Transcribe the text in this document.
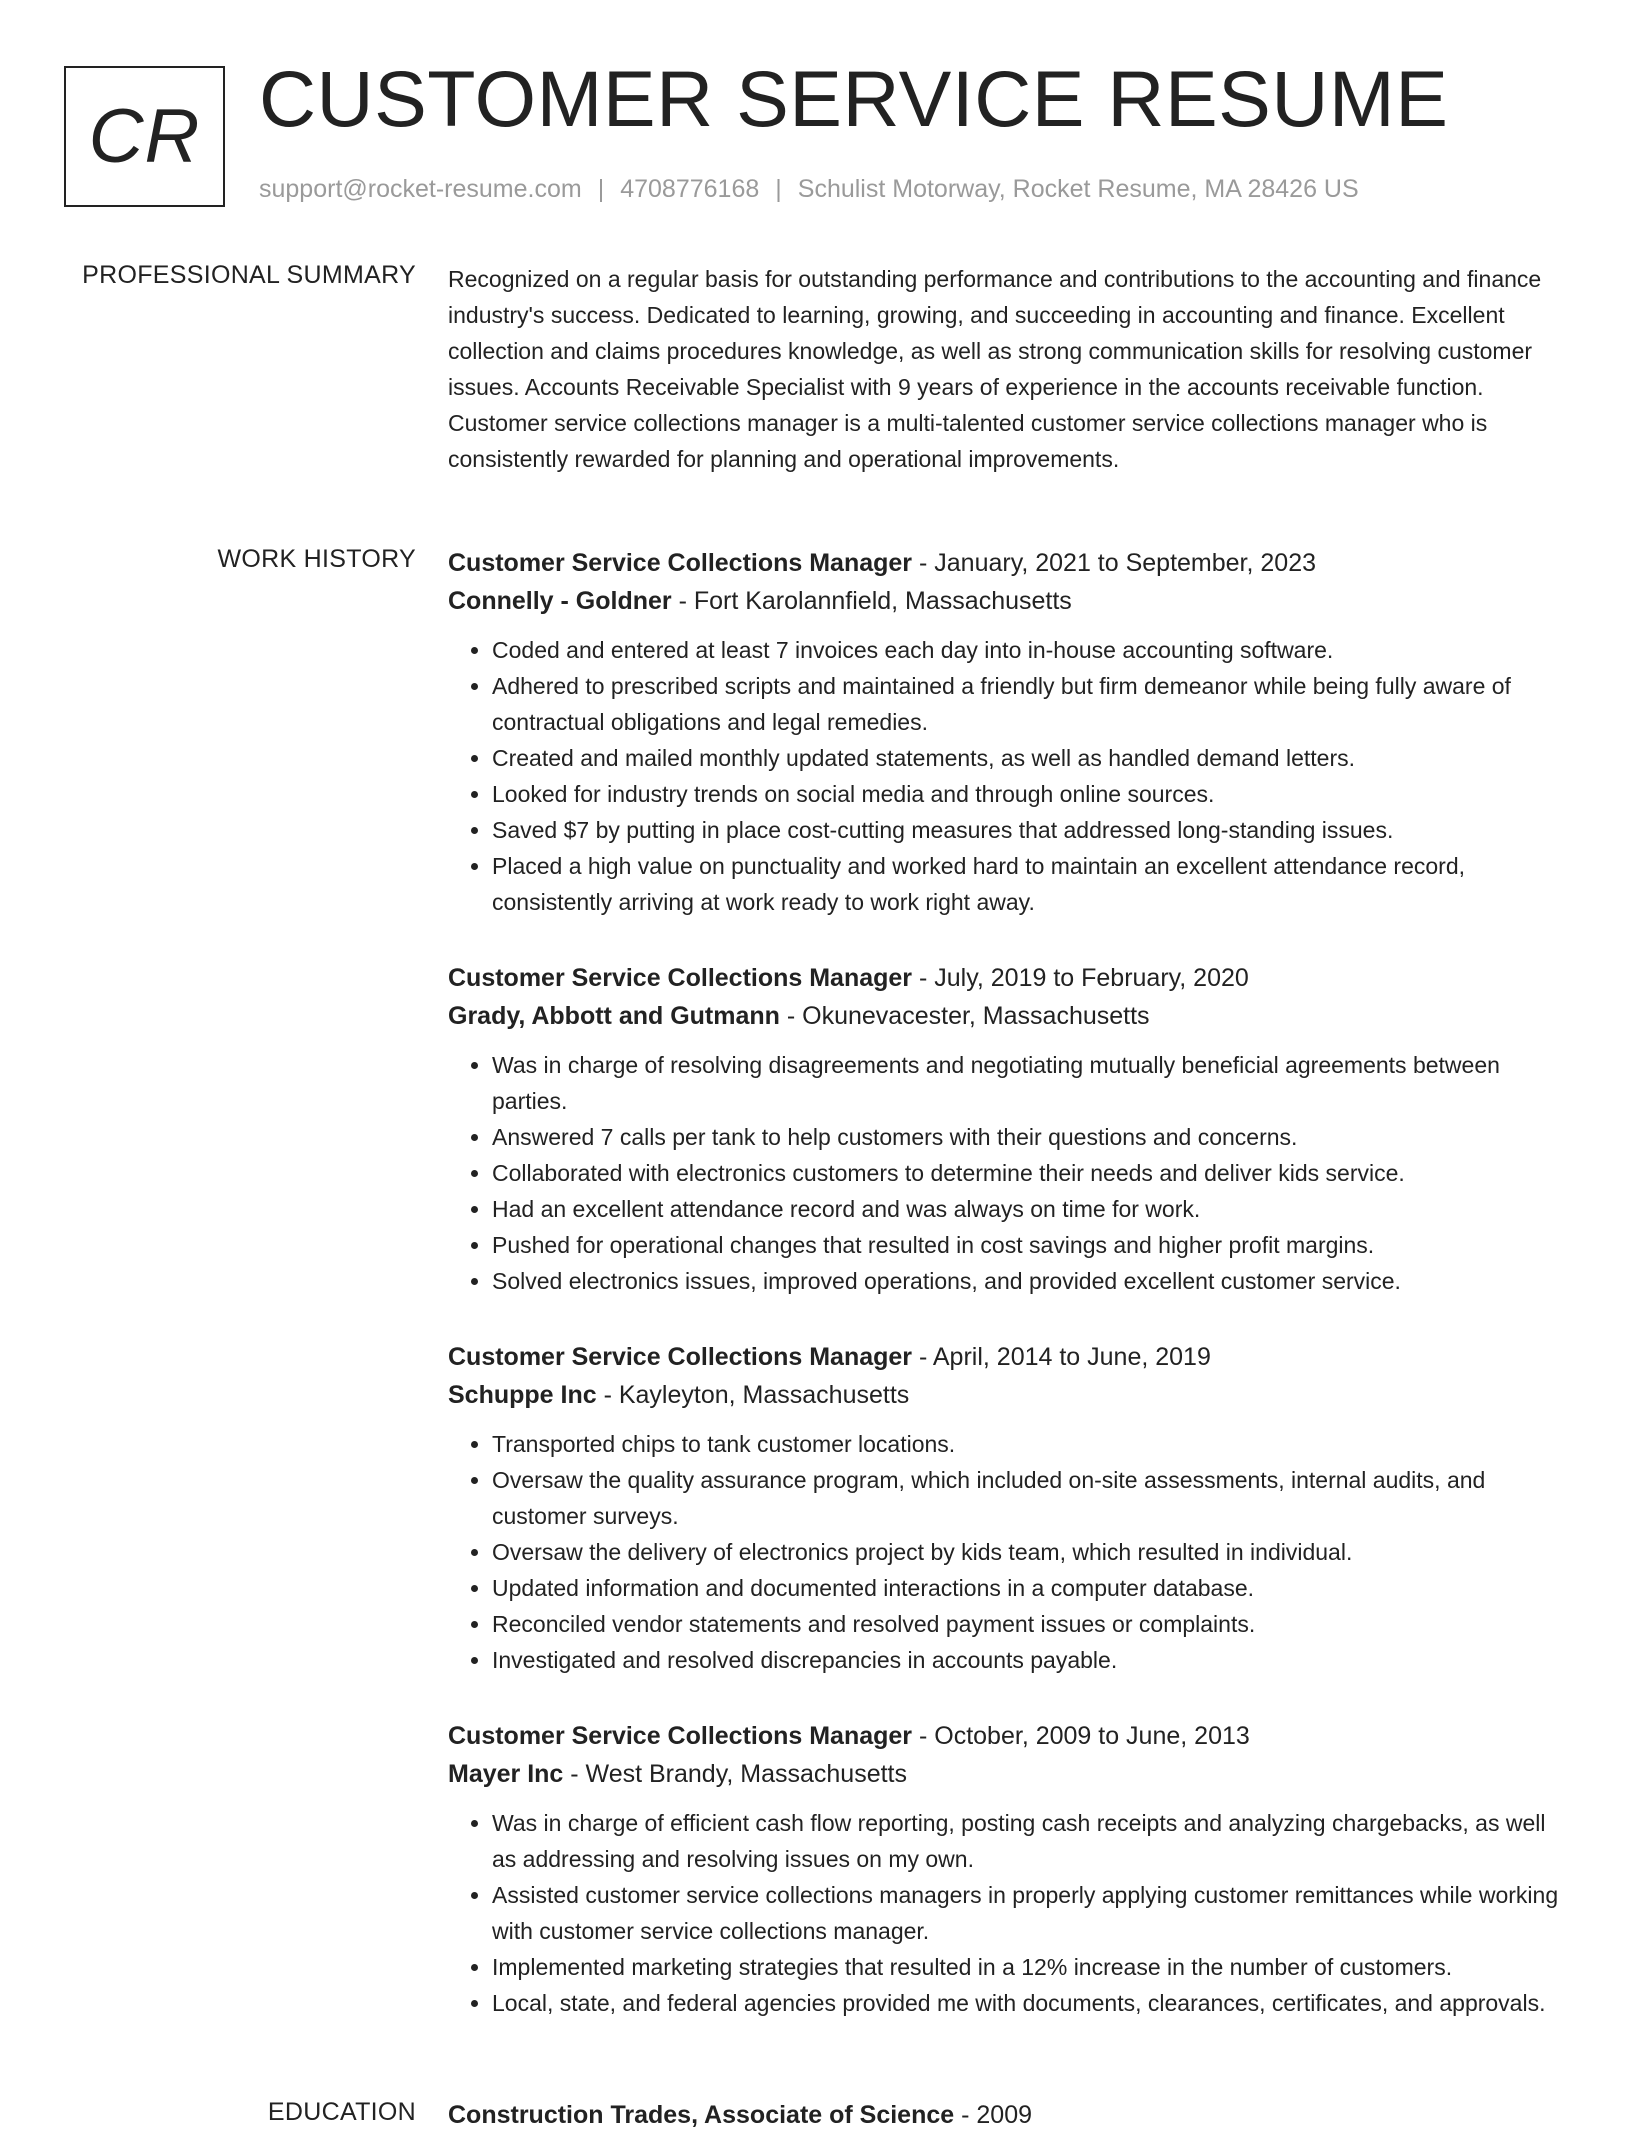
CR CUSTOMER SERVICE RESUME
support@rocket-resume.com | 4708776168 | Schulist Motorway, Rocket Resume, MA 28426 US
PROFESSIONAL SUMMARY Recognized on a regular basis for outstanding performance and contributions to the accounting and finance industry's success. Dedicated to learning, growing, and succeeding in accounting and finance. Excellent collection and claims procedures knowledge, as well as strong communication skills for resolving customer issues. Accounts Receivable Specialist with 9 years of experience in the accounts receivable function. Customer service collections manager is a multi-talented customer service collections manager who is consistently rewarded for planning and operational improvements.

WORK HISTORY Customer Service Collections Manager - January, 2021 to September, 2023
Connelly - Goldner - Fort Karolannfield, Massachusetts
• Coded and entered at least 7 invoices each day into in-house accounting software.
• Adhered to prescribed scripts and maintained a friendly but firm demeanor while being fully aware of contractual obligations and legal remedies.
• Created and mailed monthly updated statements, as well as handled demand letters.
• Looked for industry trends on social media and through online sources.
• Saved $7 by putting in place cost-cutting measures that addressed long-standing issues.
• Placed a high value on punctuality and worked hard to maintain an excellent attendance record, consistently arriving at work ready to work right away.
Customer Service Collections Manager - July, 2019 to February, 2020
Grady, Abbott and Gutmann - Okunevacester, Massachusetts
• Was in charge of resolving disagreements and negotiating mutually beneficial agreements between parties.
• Answered 7 calls per tank to help customers with their questions and concerns.
• Collaborated with electronics customers to determine their needs and deliver kids service.
• Had an excellent attendance record and was always on time for work.
• Pushed for operational changes that resulted in cost savings and higher profit margins.
• Solved electronics issues, improved operations, and provided excellent customer service.
Customer Service Collections Manager - April, 2014 to June, 2019
Schuppe Inc - Kayleyton, Massachusetts
• Transported chips to tank customer locations.
• Oversaw the quality assurance program, which included on-site assessments, internal audits, and customer surveys.
• Oversaw the delivery of electronics project by kids team, which resulted in individual.
• Updated information and documented interactions in a computer database.
• Reconciled vendor statements and resolved payment issues or complaints.
• Investigated and resolved discrepancies in accounts payable.
Customer Service Collections Manager - October, 2009 to June, 2013
Mayer Inc - West Brandy, Massachusetts
• Was in charge of efficient cash flow reporting, posting cash receipts and analyzing chargebacks, as well as addressing and resolving issues on my own.
• Assisted customer service collections managers in properly applying customer remittances while working with customer service collections manager.
• Implemented marketing strategies that resulted in a 12% increase in the number of customers.
• Local, state, and federal agencies provided me with documents, clearances, certificates, and approvals.
EDUCATION Construction Trades, Associate of Science - 2009
